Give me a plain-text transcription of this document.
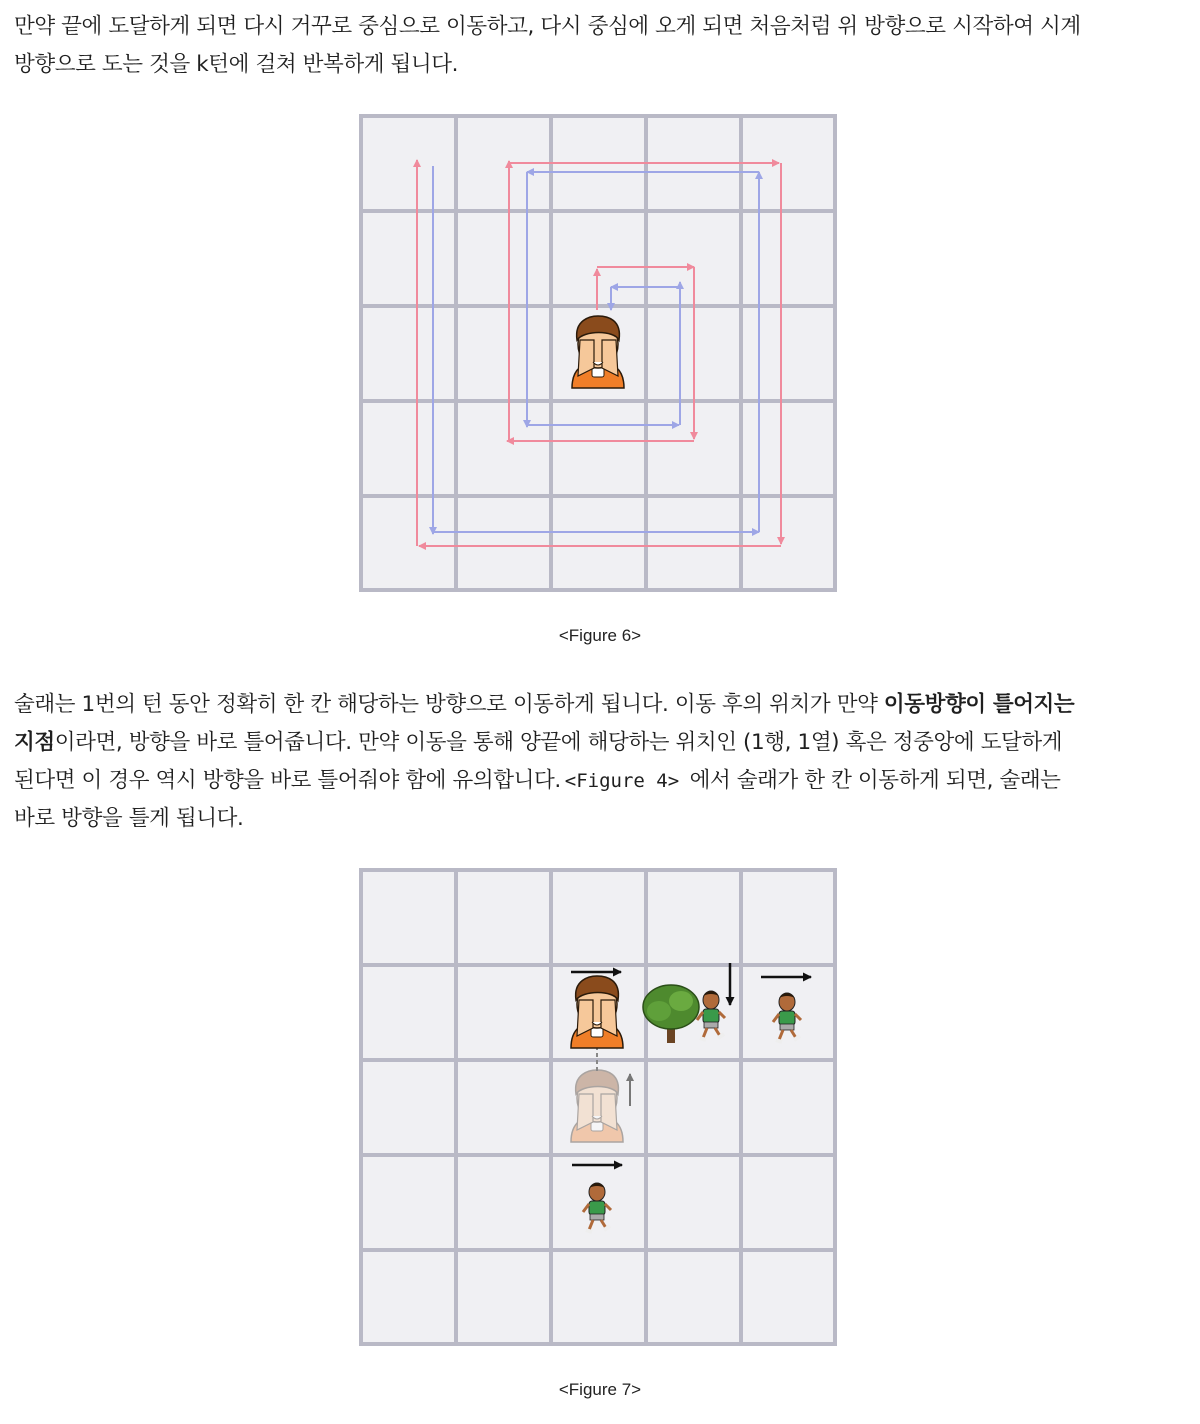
만약 끝에 도달하게 되면 다시 거꾸로 중심으로 이동하고, 다시 중심에 오게 되면 처음처럼 위 방향으로 시작하여 시계
방향으로 도는 것을 k턴에 걸쳐 반복하게 됩니다.

<Figure 6>

술래는 1번의 턴 동안 정확히 한 칸 해당하는 방향으로 이동하게 됩니다. 이동 후의 위치가 만약 이동방향이 틀어지는
지점이라면, 방향을 바로 틀어줍니다. 만약 이동을 통해 양끝에 해당하는 위치인 (1행, 1열) 혹은 정중앙에 도달하게
된다면 이 경우 역시 방향을 바로 틀어줘야 함에 유의합니다. <Figure 4> 에서 술래가 한 칸 이동하게 되면, 술래는
바로 방향을 틀게 됩니다.

<Figure 7>
